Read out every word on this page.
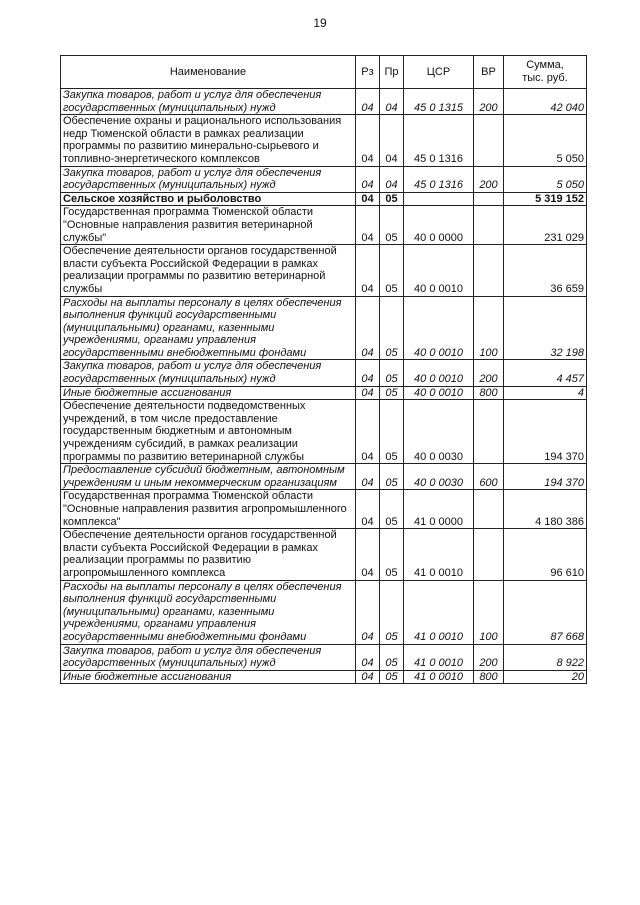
19
Наименование	Рз	Пр	ЦСР	ВР	Сумма,
тыс. руб.
Закупка товаров, работ и услуг для обеспечения государственных (муниципальных) нужд	04	04	45 0 1315	200	42 040
Обеспечение охраны и рационального использования недр Тюменской области в рамках реализации программы по развитию минерально-сырьевого и топливно-энергетического комплексов	04	04	45 0 1316		5 050
Закупка товаров, работ и услуг для обеспечения государственных (муниципальных) нужд	04	04	45 0 1316	200	5 050
Сельское хозяйство и рыболовство	04	05			5 319 152
Государственная программа Тюменской области "Основные направления развития ветеринарной службы"	04	05	40 0 0000		231 029
Обеспечение деятельности органов государственной власти субъекта Российской Федерации в рамках реализации программы по развитию ветеринарной службы	04	05	40 0 0010		36 659
Расходы на выплаты персоналу в целях обеспечения выполнения функций государственными (муниципальными) органами, казенными учреждениями, органами управления государственными внебюджетными фондами	04	05	40 0 0010	100	32 198
Закупка товаров, работ и услуг для обеспечения государственных (муниципальных) нужд	04	05	40 0 0010	200	4 457
Иные бюджетные ассигнования	04	05	40 0 0010	800	4
Обеспечение деятельности подведомственных учреждений, в том числе предоставление государственным бюджетным и автономным учреждениям субсидий, в рамках реализации программы по развитию ветеринарной службы	04	05	40 0 0030		194 370
Предоставление субсидий бюджетным, автономным учреждениям и иным некоммерческим организациям	04	05	40 0 0030	600	194 370
Государственная программа Тюменской области "Основные направления развития агропромышленного комплекса"	04	05	41 0 0000		4 180 386
Обеспечение деятельности органов государственной власти субъекта Российской Федерации в рамках реализации программы по развитию агропромышленного комплекса	04	05	41 0 0010		96 610
Расходы на выплаты персоналу в целях обеспечения выполнения функций государственными (муниципальными) органами, казенными учреждениями, органами управления государственными внебюджетными фондами	04	05	41 0 0010	100	87 668
Закупка товаров, работ и услуг для обеспечения государственных (муниципальных) нужд	04	05	41 0 0010	200	8 922
Иные бюджетные ассигнования	04	05	41 0 0010	800	20
